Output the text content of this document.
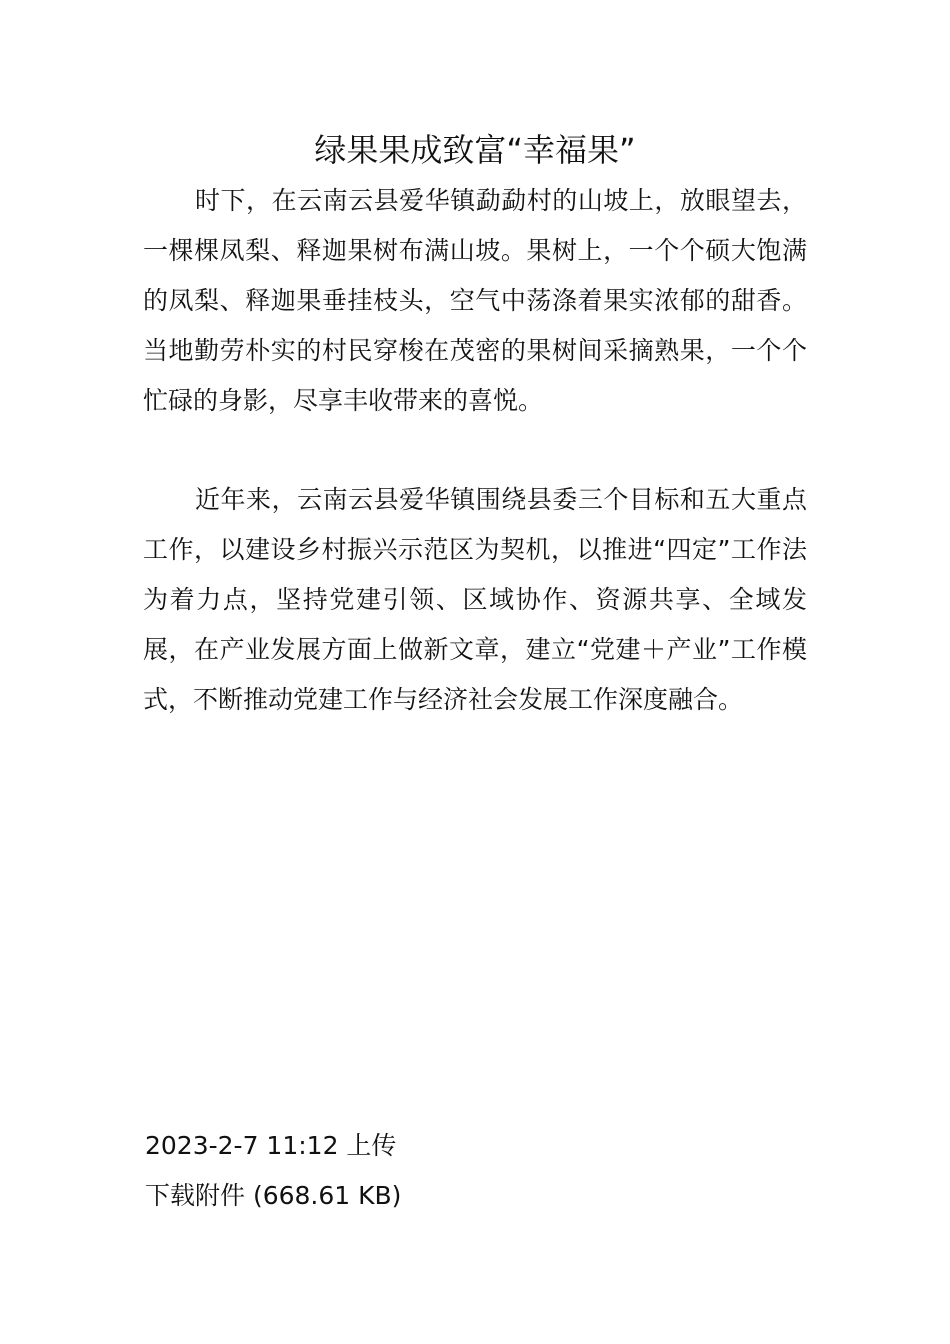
绿果果成致富“幸福果”

时下，在云南云县爱华镇勐勐村的山坡上，放眼望去，一棵棵凤梨、释迦果树布满山坡。果树上，一个个硕大饱满的凤梨、释迦果垂挂枝头，空气中荡涤着果实浓郁的甜香。当地勤劳朴实的村民穿梭在茂密的果树间采摘熟果，一个个忙碌的身影，尽享丰收带来的喜悦。

近年来，云南云县爱华镇围绕县委三个目标和五大重点工作，以建设乡村振兴示范区为契机，以推进“四定”工作法为着力点，坚持党建引领、区域协作、资源共享、全域发展，在产业发展方面上做新文章，建立“党建＋产业”工作模式，不断推动党建工作与经济社会发展工作深度融合。

2023-2-7 11:12 上传

下载附件 (668.61 KB)
